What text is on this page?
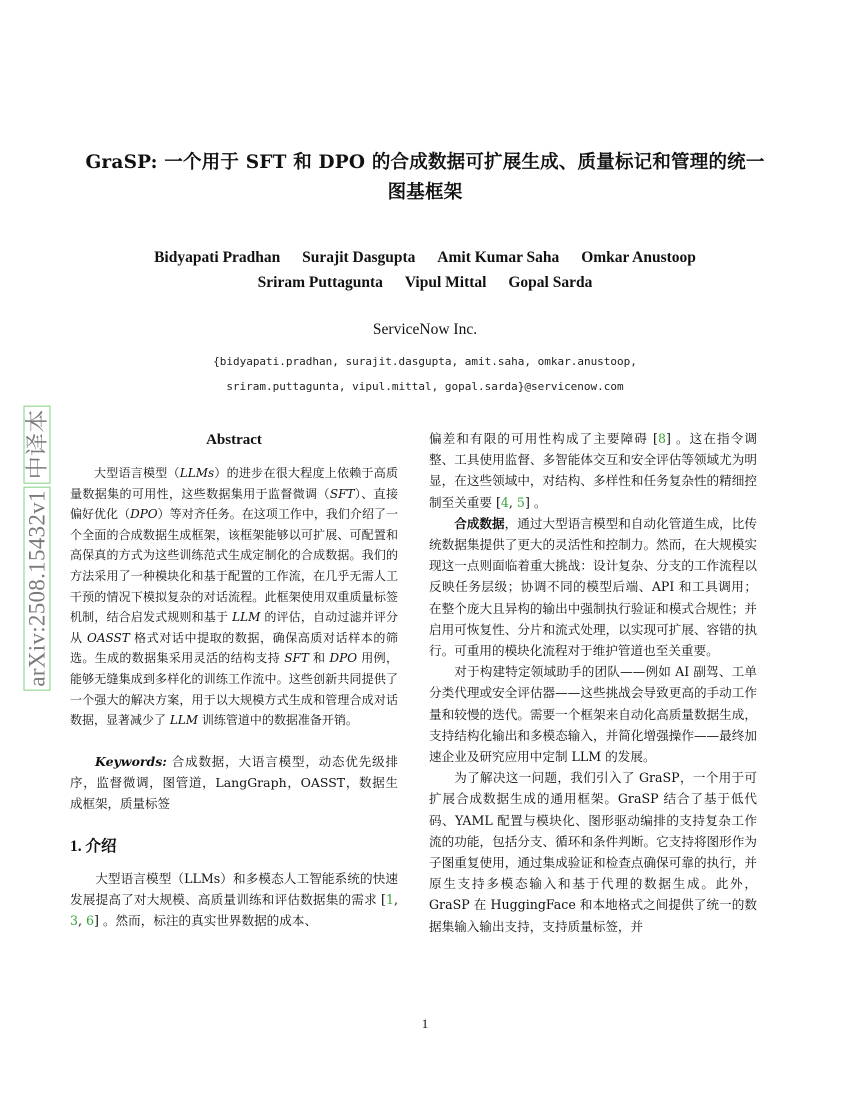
GraSP: 一个用于 SFT 和 DPO 的合成数据可扩展生成、质量标记和管理的统一
图基框架
Bidyapati Pradhan Surajit Dasgupta Amit Kumar Saha Omkar Anustoop
Sriram Puttagunta Vipul Mittal Gopal Sarda
ServiceNow Inc.
{bidyapati.pradhan, surajit.dasgupta, amit.saha, omkar.anustoop,
sriram.puttagunta, vipul.mittal, gopal.sarda}@servicenow.com
arXiv:2508.15432v1中译本	Abstract

大型语言模型（LLMs）的进步在很大程度上依赖于高质量数据集的可用性，这些数据集用于监督微调（SFT）、直接偏好优化（DPO）等对齐任务。在这项工作中，我们介绍了一个全面的合成数据生成框架，该框架能够以可扩展、可配置和高保真的方式为这些训练范式生成定制化的合成数据。我们的方法采用了一种模块化和基于配置的工作流，在几乎无需人工干预的情况下模拟复杂的对话流程。此框架使用双重质量标签机制，结合启发式规则和基于 LLM 的评估，自动过滤并评分从 OASST 格式对话中提取的数据，确保高质对话样本的筛选。生成的数据集采用灵活的结构支持 SFT 和 DPO 用例，能够无缝集成到多样化的训练工作流中。这些创新共同提供了一个强大的解决方案，用于以大规模方式生成和管理合成对话数据，显著减少了 LLM 训练管道中的数据准备开销。

Keywords: 合成数据，大语言模型，动态优先级排序，监督微调，图管道，LangGraph，OASST，数据生成框架，质量标签

1. 介绍

大型语言模型（LLMs）和多模态人工智能系统的快速发展提高了对大规模、高质量训练和评估数据集的需求 [1, 3, 6] 。然而，标注的真实世界数据的成本、

偏差和有限的可用性构成了主要障碍 [8] 。这在指令调整、工具使用监督、多智能体交互和安全评估等领域尤为明显，在这些领域中，对结构、多样性和任务复杂性的精细控制至关重要 [4, 5] 。

合成数据，通过大型语言模型和自动化管道生成，比传统数据集提供了更大的灵活性和控制力。然而，在大规模实现这一点则面临着重大挑战：设计复杂、分支的工作流程以反映任务层级；协调不同的模型后端、API 和工具调用；在整个庞大且异构的输出中强制执行验证和模式合规性；并启用可恢复性、分片和流式处理，以实现可扩展、容错的执行。可重用的模块化流程对于维护管道也至关重要。

对于构建特定领域助手的团队——例如 AI 副驾、工单分类代理或安全评估器——这些挑战会导致更高的手动工作量和较慢的迭代。需要一个框架来自动化高质量数据生成，支持结构化输出和多模态输入，并简化增强操作——最终加速企业及研究应用中定制 LLM 的发展。

为了解决这一问题，我们引入了 GraSP，一个用于可扩展合成数据生成的通用框架。GraSP 结合了基于低代码、YAML 配置与模块化、图形驱动编排的支持复杂工作流的功能，包括分支、循环和条件判断。它支持将图形作为子图重复使用，通过集成验证和检查点确保可靠的执行，并原生支持多模态输入和基于代理的数据生成。此外，GraSP 在 HuggingFace 和本地格式之间提供了统一的数据集输入输出支持，支持质量标签，并

1
